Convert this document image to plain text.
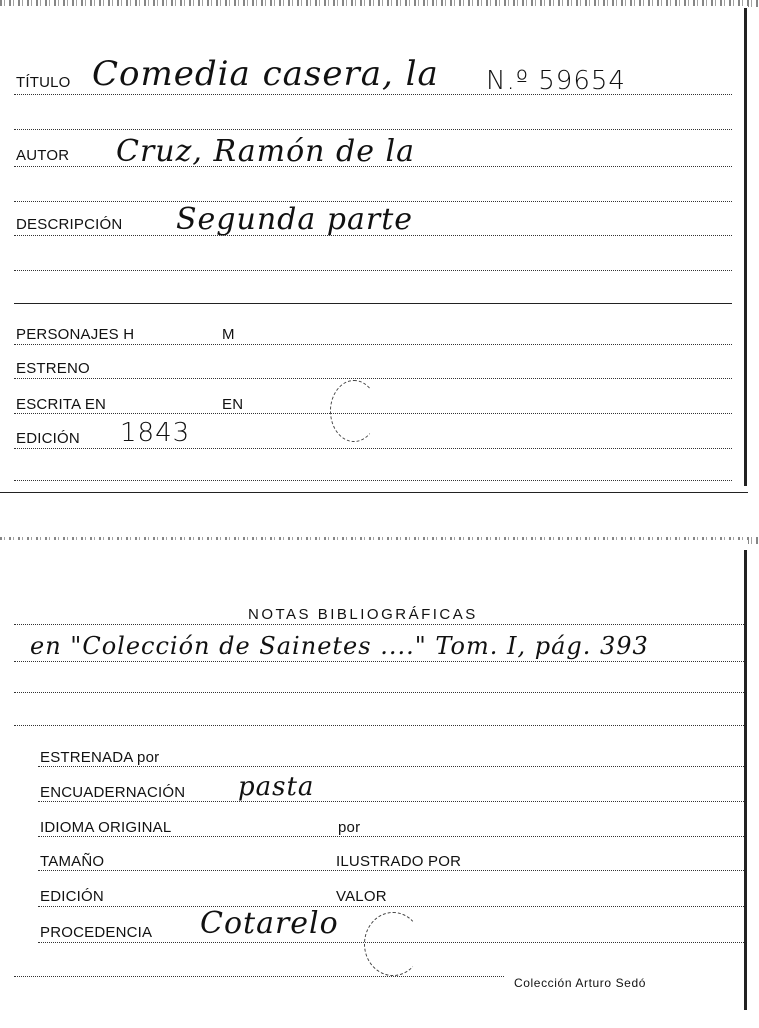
TÍTULO Comedia casera, la N.º 59654
AUTOR Cruz, Ramón de la
DESCRIPCIÓN Segunda parte
PERSONAJES H	M
ESTRENO
ESCRITA EN	EN
EDICIÓN 1843
NOTAS BIBLIOGRÁFICAS
en "Colección de Sainetes ...." Tom. I, pág. 393
ESTRENADA por
ENCUADERNACIÓN pasta
IDIOMA ORIGINAL	por
TAMAÑO	ILUSTRADO POR
EDICIÓN	VALOR
PROCEDENCIA Cotarelo
Colección Arturo Sedó
